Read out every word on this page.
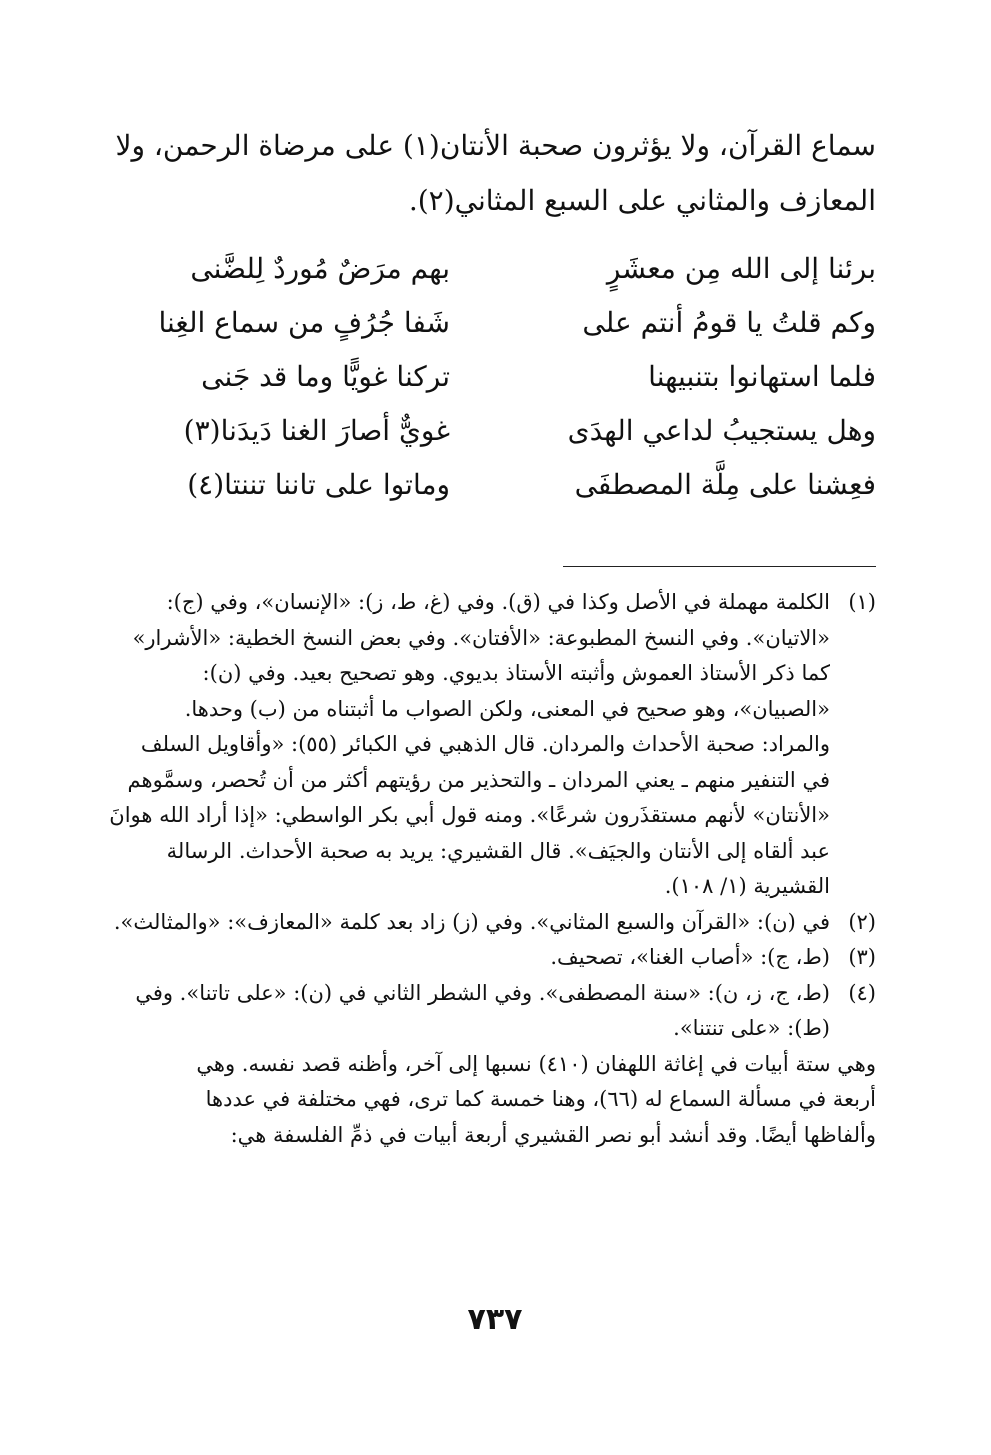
سماع القرآن، ولا يؤثرون صحبة الأنتان(١) على مرضاة الرحمن، ولا
المعازف والمثاني على السبع المثاني(٢).
برئنا إلى الله مِن معشَرٍ
بهم مرَضٌ مُوردٌ لِلضَّنى
وكم قلتُ يا قومُ أنتم على
شَفا جُرُفٍ من سماع الغِنا
فلما استهانوا بتنبيهنا
تركنا غويًّا وما قد جَنى
وهل يستجيبُ لداعي الهدَى
غويٌّ أصارَ الغنا دَيدَنا(٣)
فعِشنا على مِلَّة المصطفَى
وماتوا على تاننا تننتا(٤)
(١)
الكلمة مهملة في الأصل وكذا في (ق). وفي (غ، ط، ز): «الإنسان»، وفي (ج):
«الاتيان». وفي النسخ المطبوعة: «الأفتان». وفي بعض النسخ الخطية: «الأشرار»
كما ذكر الأستاذ العموش وأثبته الأستاذ بديوي. وهو تصحيح بعيد. وفي (ن):
«الصبيان»، وهو صحيح في المعنى، ولكن الصواب ما أثبتناه من (ب) وحدها.
والمراد: صحبة الأحداث والمردان. قال الذهبي في الكبائر (٥٥): «وأقاويل السلف
في التنفير منهم ـ يعني المردان ـ والتحذير من رؤيتهم أكثر من أن تُحصر، وسمَّوهم
«الأنتان» لأنهم مستقذَرون شرعًا». ومنه قول أبي بكر الواسطي: «إذا أراد الله هوانَ
عبد ألقاه إلى الأنتان والجيَف». قال القشيري: يريد به صحبة الأحداث. الرسالة
القشيرية (١/ ١٠٨).
(٢)
في (ن): «القرآن والسبع المثاني». وفي (ز) زاد بعد كلمة «المعازف»: «والمثالث».
(٣)
(ط، ج): «أصاب الغنا»، تصحيف.
(٤)
(ط، ج، ز، ن): «سنة المصطفى». وفي الشطر الثاني في (ن): «على تاتنا». وفي
(ط): «على تنتنا».
وهي ستة أبيات في إغاثة اللهفان (٤١٠) نسبها إلى آخر، وأظنه قصد نفسه. وهي
أربعة في مسألة السماع له (٦٦)، وهنا خمسة كما ترى، فهي مختلفة في عددها
وألفاظها أيضًا. وقد أنشد أبو نصر القشيري أربعة أبيات في ذمِّ الفلسفة هي:
٧٣٧
